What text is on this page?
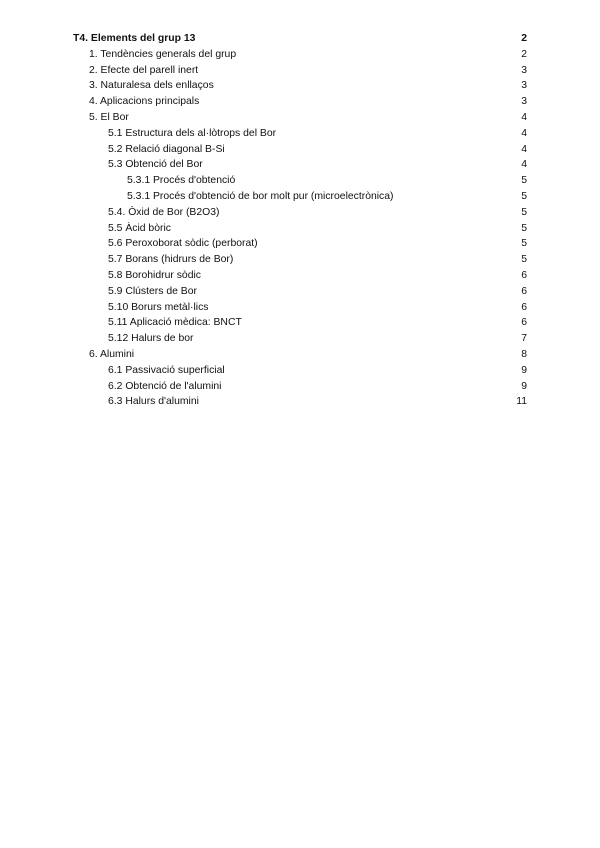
T4. Elements del grup 13	2
1. Tendències generals del grup	2
2. Efecte del parell inert	3
3. Naturalesa dels enllaços	3
4. Aplicacions principals	3
5. El Bor	4
5.1 Estructura dels al·lòtrops del Bor	4
5.2 Relació diagonal B-Si	4
5.3 Obtenció del Bor	4
5.3.1 Procés d'obtenció	5
5.3.1 Procés d'obtenció de bor molt pur (microelectrònica)	5
5.4. Òxid de Bor (B2O3)	5
5.5 Àcid bòric	5
5.6 Peroxoborat sòdic (perborat)	5
5.7 Borans (hidrurs de Bor)	5
5.8 Borohidrur sòdic	6
5.9 Clústers de Bor	6
5.10 Borurs metàl·lics	6
5.11 Aplicació mèdica: BNCT	6
5.12 Halurs de bor	7
6. Alumini	8
6.1 Passivació superficial	9
6.2 Obtenció de l'alumini	9
6.3 Halurs d'alumini	11
